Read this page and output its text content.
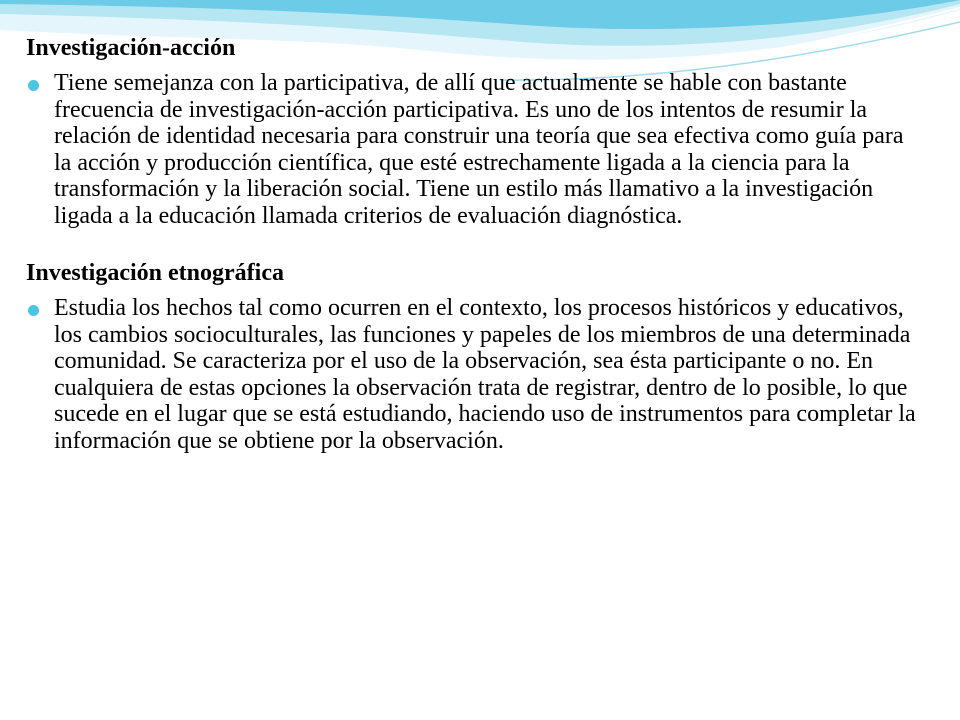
Investigación-acción

Tiene semejanza con la participativa, de allí que actualmente se hable con bastante frecuencia de investigación-acción participativa. Es uno de los intentos de resumir la relación de identidad necesaria para construir una teoría que sea efectiva como guía para la acción y producción científica, que esté estrechamente ligada a la ciencia para la transformación y la liberación social. Tiene un estilo más llamativo a la investigación ligada a la educación llamada criterios de evaluación diagnóstica.

Investigación etnográfica

Estudia los hechos tal como ocurren en el contexto, los procesos históricos y educativos, los cambios socioculturales, las funciones y papeles de los miembros de una determinada comunidad. Se caracteriza por el uso de la observación, sea ésta participante o no. En cualquiera de estas opciones la observación trata de registrar, dentro de lo posible, lo que sucede en el lugar que se está estudiando, haciendo uso de instrumentos para completar la información que se obtiene por la observación.
